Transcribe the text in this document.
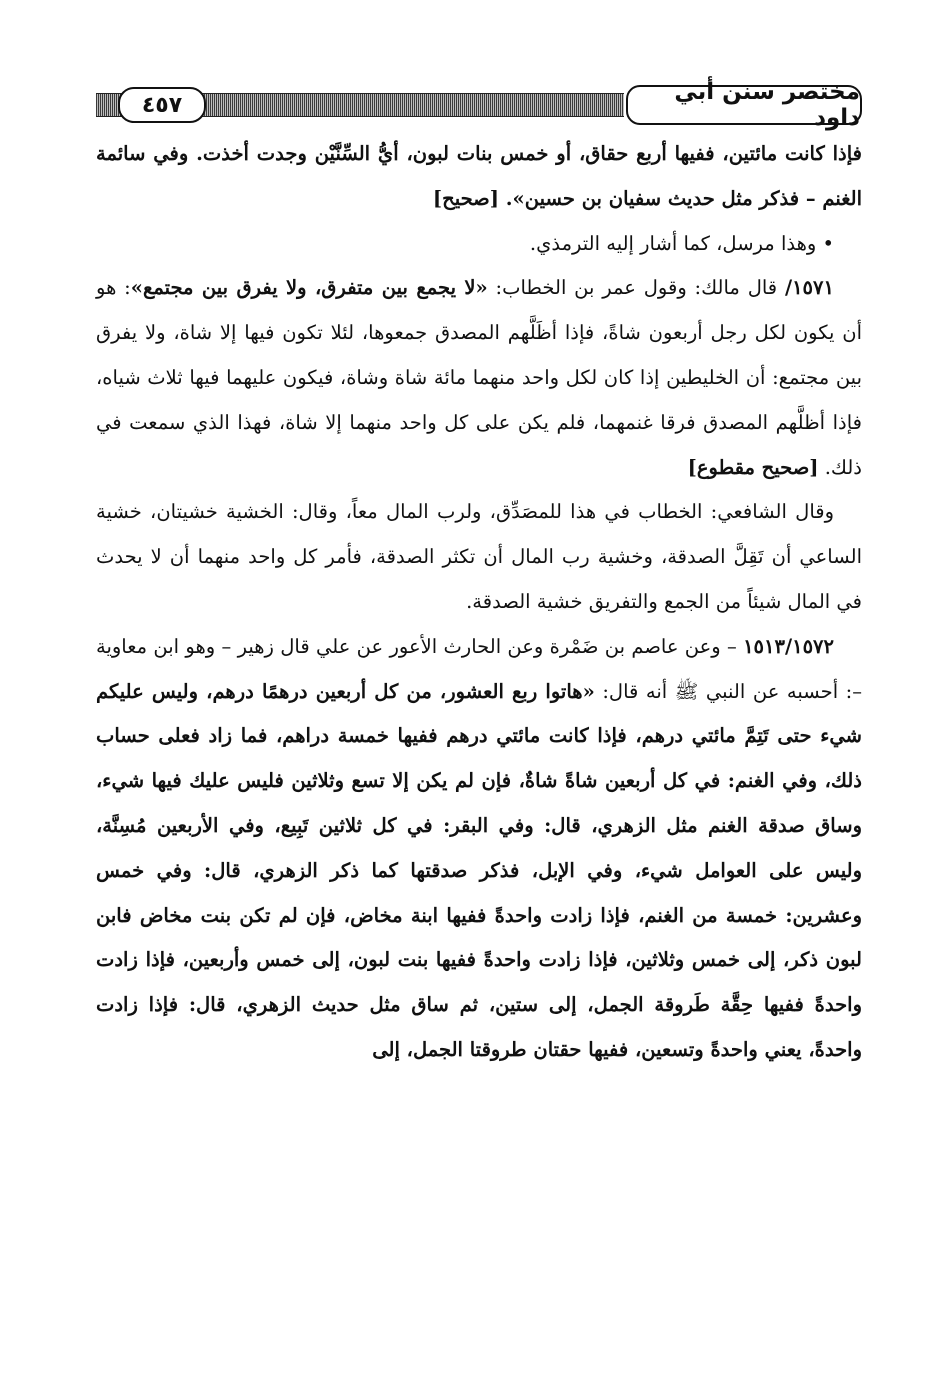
٤٥٧	مختصر سنن أبي داود

فإذا كانت مائتين، ففيها أربع حقاق، أو خمس بنات لبون، أيُّ السِّنَّيْن وجدت أخذت. وفي سائمة الغنم – فذكر مثل حديث سفيان بن حسين». [صحيح]

• وهذا مرسل، كما أشار إليه الترمذي.

١٥٧١/ قال مالك: وقول عمر بن الخطاب: «لا يجمع بين متفرق، ولا يفرق بين مجتمع»: هو أن يكون لكل رجل أربعون شاةً، فإذا أظَلَّهم المصدق جمعوها، لئلا تكون فيها إلا شاة، ولا يفرق بين مجتمع: أن الخليطين إذا كان لكل واحد منهما مائة شاة وشاة، فيكون عليهما فيها ثلاث شياه، فإذا أظلَّهم المصدق فرقا غنمهما، فلم يكن على كل واحد منهما إلا شاة، فهذا الذي سمعت في ذلك. [صحيح مقطوع]

وقال الشافعي: الخطاب في هذا للمصَدِّق، ولرب المال معاً، وقال: الخشية خشيتان، خشية الساعي أن تَقِلَّ الصدقة، وخشية رب المال أن تكثر الصدقة، فأمر كل واحد منهما أن لا يحدث في المال شيئاً من الجمع والتفريق خشية الصدقة.

١٥١٣/١٥٧٢ – وعن عاصم بن ضَمْرة وعن الحارث الأعور عن علي قال زهير – وهو ابن معاوية –: أحسبه عن النبي ﷺ أنه قال: «هاتوا ربع العشور، من كل أربعين درهمًا درهم، وليس عليكم شيء حتى تَتِمَّ مائتي درهم، فإذا كانت مائتي درهم ففيها خمسة دراهم، فما زاد فعلى حساب ذلك، وفي الغنم: في كل أربعين شاةً شاةٌ، فإن لم يكن إلا تسع وثلاثين فليس عليك فيها شيء، وساق صدقة الغنم مثل الزهري، قال: وفي البقر: في كل ثلاثين تَبِيع، وفي الأربعين مُسِنَّة، وليس على العوامل شيء، وفي الإبل، فذكر صدقتها كما ذكر الزهري، قال: وفي خمس وعشرين: خمسة من الغنم، فإذا زادت واحدةً ففيها ابنة مخاض، فإن لم تكن بنت مخاض فابن لبون ذكر، إلى خمس وثلاثين، فإذا زادت واحدةً ففيها بنت لبون، إلى خمس وأربعين، فإذا زادت واحدةً ففيها حِقَّة طَروقة الجمل، إلى ستين، ثم ساق مثل حديث الزهري، قال: فإذا زادت واحدةً، يعني واحدةً وتسعين، ففيها حقتان طروقتا الجمل، إلى
